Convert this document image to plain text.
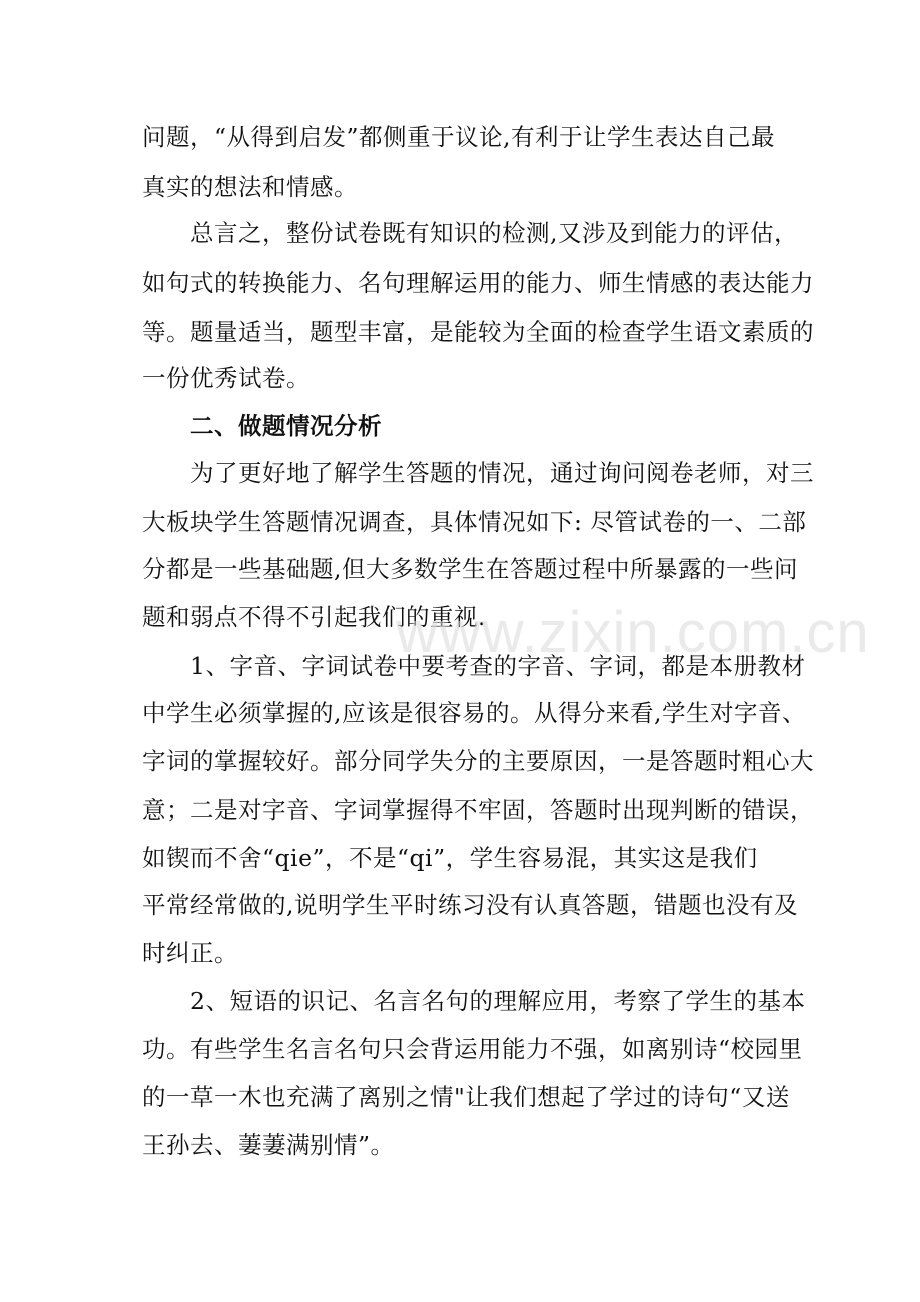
问题，“从得到启发”都侧重于议论,有利于让学生表达自己最
真实的想法和情感。
　　总言之，整份试卷既有知识的检测,又涉及到能力的评估，
如句式的转换能力、名句理解运用的能力、师生情感的表达能力
等。题量适当，题型丰富，是能较为全面的检查学生语文素质的
一份优秀试卷。
　　二、做题情况分析
　　为了更好地了解学生答题的情况，通过询问阅卷老师，对三
大板块学生答题情况调查，具体情况如下: 尽管试卷的一、二部
分都是一些基础题,但大多数学生在答题过程中所暴露的一些问
题和弱点不得不引起我们的重视.
　　1、字音、字词试卷中要考查的字音、字词，都是本册教材
中学生必须掌握的,应该是很容易的。从得分来看,学生对字音、
字词的掌握较好。部分同学失分的主要原因，一是答题时粗心大
意；二是对字音、字词掌握得不牢固，答题时出现判断的错误，
如锲而不舍“qie”，不是“qi”，学生容易混，其实这是我们
平常经常做的,说明学生平时练习没有认真答题，错题也没有及
时纠正。
　　2、短语的识记、名言名句的理解应用，考察了学生的基本
功。有些学生名言名句只会背运用能力不强，如离别诗“校园里
的一草一木也充满了离别之情"让我们想起了学过的诗句“又送
王孙去、萋萋满别情”。
www.zixin.com.cn
